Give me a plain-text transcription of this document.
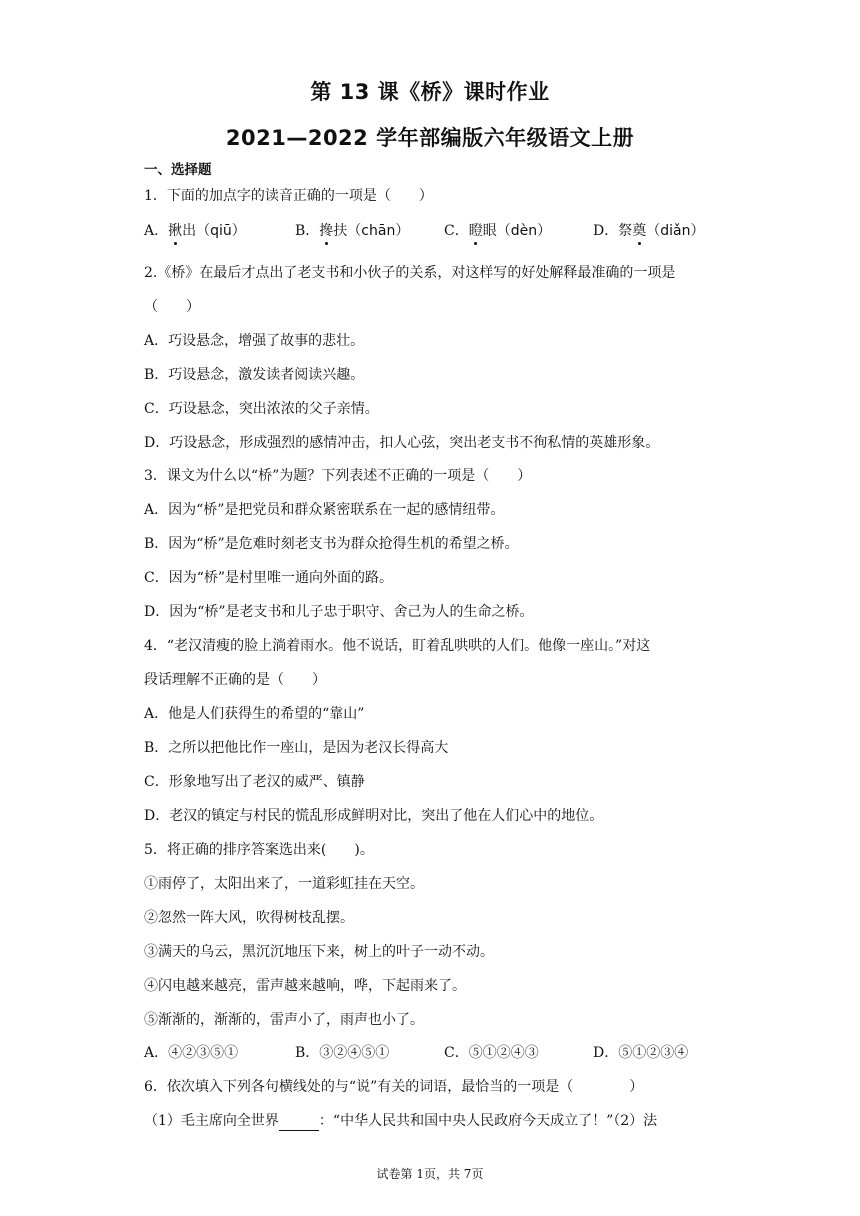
第 13 课《桥》课时作业
2021—2022 学年部编版六年级语文上册
一、选择题
1．下面的加点字的读音正确的一项是（　　）
A．揪出（qiū）	B．搀扶（chān） C．瞪眼（dèn）	D．祭奠（diǎn）
2.《桥》在最后才点出了老支书和小伙子的关系，对这样写的好处解释最准确的一项是
（　　）
A．巧设悬念，增强了故事的悲壮。
B．巧设悬念，激发读者阅读兴趣。
C．巧设悬念，突出浓浓的父子亲情。
D．巧设悬念，形成强烈的感情冲击，扣人心弦，突出老支书不徇私情的英雄形象。
3．课文为什么以“桥”为题？下列表述不正确的一项是（　　）
A．因为“桥”是把党员和群众紧密联系在一起的感情纽带。
B．因为“桥”是危难时刻老支书为群众抢得生机的希望之桥。
C．因为“桥”是村里唯一通向外面的路。
D．因为“桥”是老支书和儿子忠于职守、舍己为人的生命之桥。
4．“老汉清瘦的脸上淌着雨水。他不说话，盯着乱哄哄的人们。他像一座山。”对这
段话理解不正确的是（　　）
A．他是人们获得生的希望的“靠山”
B．之所以把他比作一座山，是因为老汉长得高大
C．形象地写出了老汉的威严、镇静
D．老汉的镇定与村民的慌乱形成鲜明对比，突出了他在人们心中的地位。
5．将正确的排序答案选出来(　　)。
①雨停了，太阳出来了，一道彩虹挂在天空。
②忽然一阵大风，吹得树枝乱摆。
③满天的乌云，黑沉沉地压下来，树上的叶子一动不动。
④闪电越来越亮，雷声越来越响，哗，下起雨来了。
⑤渐渐的，渐渐的，雷声小了，雨声也小了。
A．④②③⑤①	B．③②④⑤①	C．⑤①②④③	D．⑤①②③④
6．依次填入下列各句横线处的与“说”有关的词语，最恰当的一项是（　　　　）
（1）毛主席向全世界	：“中华人民共和国中央人民政府今天成立了！”（2）法
试卷第 1页，共 7页
